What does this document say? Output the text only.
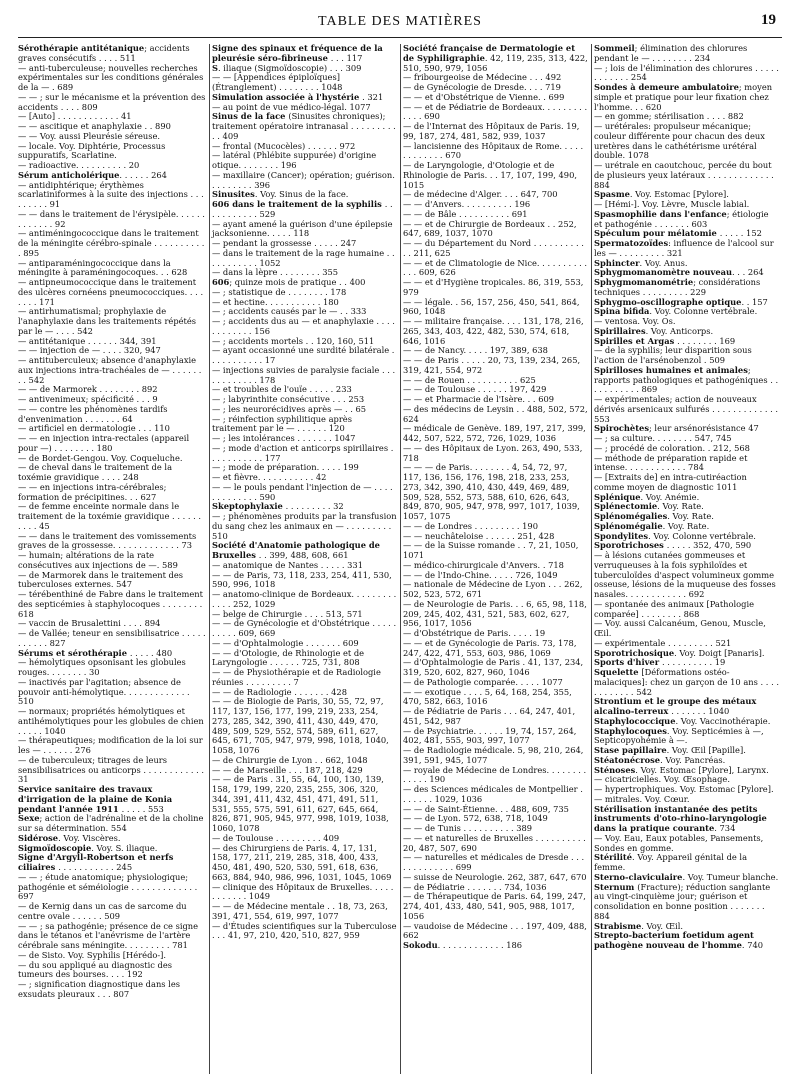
TABLE DES MATIÈRES	19

Sérothérapie antitétanique; accidents graves consécutifs . . . . 511

— anti-tuberculeuse; nouvelles recherches expérimentales sur les conditions générales de la — . 689

— — ; sur le mécanisme et la prévention des accidents . . . . 809

— [Auto] . . . . . . . . . . . . 41

— — ascitique et anaphylaxie . . 890

— — Voy. aussi Pleurésie séreuse.

— locale. Voy. Diphtérie, Processus suppuratifs, Scarlatine.

— radioactive. . . . . . . . . . 20

Sérum anticholérique. . . . . . 264

— antidiphtérique; érythèmes scarlatiniformes à la suite des injections . . . . . . . . . 91

— — dans le traitement de l'érysipèle. . . . . . . . . . . . . 92

— antiméningococcique dans le traitement de la méningite cérébro-spinale . . . . . . . . . . . 895

— antiparaméningococcique dans la méningite à paraméningocoques. . . 628

— antipneumococcique dans le traitement des ulcères cornéens pneumococciques. . . . . . . . 171

— antirhumatismal; prophylaxie de l'anaphylaxie dans les traitements répétés par le — . . . . 542

— antitétanique . . . . . . 344, 391

— — injection de — . . . . 320, 947

— antituberculeux; absence d'anaphylaxie aux injections intra-trachéales de — . . . . . . . . 542

— — de Marmorek . . . . . . . . 892

— antivenimeux; spécificité . . . 9

— — contre les phénomènes tardifs d'envenimation . . . . . . . 64

— artificiel en dermatologie . . . 110

— — en injection intra-rectales (appareil pour —) . . . . . . . . 180

— de Bordet-Gengou. Voy. Coqueluche.

— de cheval dans le traitement de la toxémie gravidique . . . . 248

— — en injections intra-cérébrales; formation de précipitines. . . 627

— de femme enceinte normale dans le traitement de la toxémie gravidique . . . . . . . . . . 45

— — dans le traitement des vomissements graves de la grossesse. . . . . . . . . . . . . 73

— humain; altérations de la rate consécutives aux injections de —. 589

— de Marmorek dans le traitement des tuberculoses externes. 547

— térébenthiné de Fabre dans le traitement des septicémies à staphylocoques . . . . . . . . 618

— vaccin de Brusalettini . . . . 894

— de Vallée; teneur en sensibilisatrice . . . . . . . . . . . 827

Sérums et sérothérapie . . . . . 480

— hémolytiques opsonisant les globules rouges. . . . . . . . 30

— inactivés par l'agitation; absence de pouvoir anti-hémolytique. . . . . . . . . . . . . 510

— normaux; propriétés hémolytiques et antihémolytiques pour les globules de chien . . . . . 1040

— thérapeutiques; modification de la loi sur les — . . . . . . 276

— de tuberculeux; titrages de leurs sensibilisatrices ou anticorps . . . . . . . . . . . . 31

Service sanitaire des travaux d'irrigation de la plaine de Konia pendant l'année 1911 . . . . . 553

Sexe; action de l'adrénaline et de la choline sur sa détermination. 554

Sidérose. Voy. Viscères.

Sigmoïdoscopie. Voy. S. iliaque.

Signe d'Argyll-Robertson et nerfs ciliaires . . . . . . . . . . . 245

— — ; étude anatomique; physiologique; pathogénie et séméiologie . . . . . . . . . . . . . 697

— de Kernig dans un cas de sarcome du centre ovale . . . . . . 509

— — ; sa pathogénie; présence de ce signe dans le tétanos et l'anévrisme de l'artère cérébrale sans méningite. . . . . . . . . 781

— de Sisto. Voy. Syphilis [Hérédo-].

— du sou appliqué au diagnostic des tumeurs des bourses. . . . 192

— ; signification diagnostique dans les exsudats pleuraux . . . 807

Signe des spinaux et fréquence de la pleurésie séro-fibrineuse . . . 117

S. iliaque (Sigmoïdoscopie) . . . 309

— — [Appendices épiploïques] (Étranglement) . . . . . . . . 1048

Simulation associée à l'hystérie . 321

— au point de vue médico-légal. 1077

Sinus de la face (Sinusites chroniques); traitement opératoire intranasal . . . . . . . . . . . 409

— frontal (Mucocèles) . . . . . . 972

— latéral (Phlébite suppurée) d'origine otique. . . . . . . . 196

— maxillaire (Cancer); opération; guérison. . . . . . . . . 396

Sinusites. Voy. Sinus de la face.

606 dans le traitement de la syphilis . . . . . . . . . . . 529

— ayant amené la guérison d'une épilepsie jacksonienne. . . . . 118

— pendant la grossesse . . . . . 247

— dans le traitement de la rage humaine . . . . . . . . . . . 1052

— dans la lèpre . . . . . . . . 355

606; quinze mois de pratique . . 400

— ; statistique de . . . . . . . . 178

— et hectine. . . . . . . . . . . 180

— ; accidents causés par le — . . 333

— ; accidents dus au — et anaphylaxie . . . . . . . . . . . . 156

— ; accidents mortels . . 120, 160, 511

— ayant occasionné une surdité bilatérale . . . . . . . . . . . 17

— injections suivies de paralysie faciale . . . . . . . . . . . . 178

— et troubles de l'ouïe . . . . . 233

— ; labyrinthite consécutive . . . 253

— ; les neurorécidives après — . . 65

— ; réinfection syphilitique après traitement par le — . . . . . . 120

— ; les intolérances . . . . . . . 1047

— ; mode d'action et anticorps spirillaires . . . . . . . . . . . 177

— ; mode de préparation. . . . . 199

— et fièvre. . . . . . . . . . . 42

— — le pouls pendant l'injection de — . . . . . . . . . . . . . 590

Skeptophylaxie . . . . . . . . . 32

— ; phénomènes produits par la transfusion du sang chez les animaux en — . . . . . . . . . 510

Société d'Anatomie pathologique de Bruxelles . . 399, 488, 608, 661

— anatomique de Nantes . . . . . 331

— — de Paris, 73, 118, 233, 254, 411, 530, 590, 996, 1018

— anatomo-clinique de Bordeaux. . . . . . . . . . . . . 252, 1029

— belge de Chirurgie . . . . 513, 571

— — de Gynécologie et d'Obstétrique . . . . . . . . . . 609, 669

— — d'Ophtalmologie . . . . . . . 609

— — d'Otologie, de Rhinologie et de Laryngologie . . . . . . 725, 731, 808

— — de Physiothérapie et de Radiologie réunies . . . . . . . . . 7

— — de Radiologie . . . . . . . 428

— — de Biologie de Paris, 30, 55, 72, 97, 117, 137, 156, 177, 199, 219, 233, 254, 273, 285, 342, 390, 411, 430, 449, 470, 489, 509, 529, 552, 574, 589, 611, 627, 645, 671, 705, 947, 979, 998, 1018, 1040, 1058, 1076

— de Chirurgie de Lyon . . 662, 1048

— — de Marseille . . . 187, 218, 429

— — de Paris . 31, 55, 64, 100, 130, 139, 158, 179, 199, 220, 235, 255, 306, 320, 344, 391, 411, 432, 451, 471, 491, 511, 531, 555, 575, 591, 611, 627, 645, 664, 826, 871, 905, 945, 977, 998, 1019, 1038, 1060, 1078

— de Toulouse . . . . . . . . . 409

— des Chirurgiens de Paris. 4, 17, 131, 158, 177, 211, 219, 285, 318, 400, 433, 450, 481, 490, 520, 530, 591, 618, 636, 663, 884, 940, 986, 996, 1031, 1045, 1069

— clinique des Hôpitaux de Bruxelles. . . . . . . . . . . . 1049

— — de Médecine mentale . . 18, 73, 263, 391, 471, 554, 619, 997, 1077

— d'Études scientifiques sur la Tuberculose . . . 41, 97, 210, 420, 510, 827, 959

Société française de Dermatologie et de Syphiligraphie. 42, 119, 235, 313, 422, 510, 590, 979, 1056

— fribourgeoise de Médecine . . . 492

— de Gynécologie de Dresde. . . . 719

— — et d'Obstétrique de Vienne. . 699

— — et de Pédiatrie de Bordeaux. . . . . . . . . . . . . 690

— de l'Internat des Hôpitaux de Paris. 19, 99, 187, 274, 481, 582, 939, 1037

— lancisienne des Hôpitaux de Rome. . . . . . . . . . . . . 670

— de Laryngologie, d'Otologie et de Rhinologie de Paris. . . 17, 107, 199, 490, 1015

— de médecine d'Alger. . . . 647, 700

— — d'Anvers. . . . . . . . . . 196

— — de Bâle . . . . . . . . . . 691

— — et de Chirurgie de Bordeaux . . 252, 647, 689, 1037, 1070

— — du Département du Nord . . . . . . . . . . . . 211, 625

— — et de Climatologie de Nice. . . . . . . . . . . . . 609, 626

— — et d'Hygiène tropicales. 86, 319, 553, 979

— — légale. . 56, 157, 256, 450, 541, 864, 960, 1048

— — militaire française. . . . 131, 178, 216, 265, 343, 403, 422, 482, 530, 574, 618, 646, 1016

— — de Nancy. . . . . 197, 389, 638

— — de Paris . . . . . 20, 73, 139, 234, 265, 319, 421, 554, 972

— — de Rouen . . . . . . . . . . 625

— — de Toulouse . . . . . . 197, 429

— — et Pharmacie de l'Isère. . . 609

— des médecins de Leysin . . 488, 502, 572, 624

— médicale de Genève. 189, 197, 217, 399, 442, 507, 522, 572, 726, 1029, 1036

— — des Hôpitaux de Lyon. 263, 490, 533, 718

— — — de Paris. . . . . . . . 4, 54, 72, 97, 117, 136, 156, 176, 198, 218, 233, 253, 273, 342, 390, 410, 430, 449, 469, 489, 509, 528, 552, 573, 588, 610, 626, 643, 849, 870, 905, 947, 978, 997, 1017, 1039, 1057, 1075

— — de Londres . . . . . . . . . 190

— — neuchâteloise . . . . . . 251, 428

— — de la Suisse romande . . 7, 21, 1050, 1071

— médico-chirurgicale d'Anvers. . 718

— — de l'Indo-Chine. . . . . 726, 1049

— nationale de Médecine de Lyon . . . 262, 502, 523, 572, 671

— de Neurologie de Paris. . . 6, 65, 98, 118, 209, 245, 402, 431, 521, 583, 602, 627, 956, 1017, 1056

— d'Obstétrique de Paris. . . . . 19

— — et de Gynécologie de Paris. 73, 178, 247, 422, 471, 553, 603, 986, 1069

— d'Ophtalmologie de Paris . 41, 137, 234, 319, 520, 602, 827, 960, 1046

— de Pathologie comparée. . . . . 1077

— — exotique . . . . 5, 64, 168, 254, 355, 470, 582, 663, 1016

— de Pédiatrie de Paris . . . 64, 247, 401, 451, 542, 987

— de Psychiatrie. . . . . . 19, 74, 157, 264, 402, 481, 555, 903, 997, 1077

— de Radiologie médicale. 5, 98, 210, 264, 391, 591, 945, 1077

— royale de Médecine de Londres. . . . . . . . . . . . . 190

— des Sciences médicales de Montpellier . . . . . . . 1029, 1036

— — de Saint-Étienne. . . 488, 609, 735

— — de Lyon. 572, 638, 718, 1049

— — de Tunis . . . . . . . . . . 389

— — et naturelles de Bruxelles . . . . . . . . . . 20, 487, 507, 690

— — naturelles et médicales de Dresde . . . . . . . . . . . . . 699

— suisse de Neurologie. 262, 387, 647, 670

— de Pédiatrie . . . . . . . 734, 1036

— de Thérapeutique de Paris. 64, 199, 247, 274, 401, 433, 480, 541, 905, 988, 1017, 1056

— vaudoise de Médecine . . . 197, 409, 488, 662

Sokodu. . . . . . . . . . . . . 186

Sommeil; élimination des chlorures pendant le — . . . . . . . . 234

— ; lois de l'élimination des chlorures . . . . . . . . . . . . 254

Sondes à demeure ambulatoire; moyen simple et pratique pour leur fixation chez l'homme. . . 620

— en gomme; stérilisation . . . . 882

— urétérales: propulseur mécanique; couleur différente pour chacun des deux uretères dans le cathétérisme urétéral double. 1078

— urétrale en caoutchouc, percée du bout de plusieurs yeux latéraux . . . . . . . . . . . . . 884

Spasme. Voy. Estomac [Pylore].

— [Hémi-]. Voy. Lèvre, Muscle labial.

Spasmophilie dans l'enfance; étiologie et pathogénie . . . . . . . 603

Spéculum pour mélatomie . . . . . 152

Spermatozoïdes: influence de l'alcool sur les — . . . . . . . . . 321

Sphincter. Voy. Anus.

Sphygmomanomètre nouveau. . . 264

Sphygmomanométrie; considérations techniques . . . . . . . . . 229

Sphygmo-oscillographe optique. . 157

Spina bifida. Voy. Colonne vertébrale.

— ventosa. Voy. Os.

Spirillaires. Voy. Anticorps.

Spirilles et Argas . . . . . . . . 169

— de la syphilis; leur disparition sous l'action de l'arsénobenzol . 509

Spirilloses humaines et animales; rapports pathologiques et pathogéniques . . . . . . . . . . . 869

— expérimentales; action de nouveaux dérivés arsenicaux sulfurés . . . . . . . . . . . . . 553

Spirochètes; leur arsénorésistance 47

— ; sa culture. . . . . . . . 547, 745

— ; procédé de coloration. . 212, 568

— méthode de préparation rapide et intense. . . . . . . . . . . . 784

— [Extraits de] en intra-cutiréaction comme moyen de diagnostic 1011

Splénique. Voy. Anémie.

Splénectomie. Voy. Rate.

Splénomégalies. Voy. Rate.

Splénomégalie. Voy. Rate.

Spondylites. Voy. Colonne vertébrale.

Sporotrichoses . . . . . 352, 470, 590

— à lésions cutanées gommeuses et verruqueuses à la fois syphiloïdes et tuberculoïdes d'aspect volumineux gomme osseuse, lésions de la muqueuse des fosses nasales. . . . . . . . . . . . 692

— spontanée des animaux [Pathologie comparée] . . . . . . . . 868

— Voy. aussi Calcanéum, Genou, Muscle, Œil.

— expérimentale . . . . . . . . . 521

Sporotrichosique. Voy. Doigt [Panaris].

Sports d'hiver . . . . . . . . . . 19

Squelette [Déformations ostéo-malaciques]: chez un garçon de 10 ans . . . . . . . . . . . . 542

Strontium et le groupe des métaux alcalino-terreux . . . . . . . 1040

Staphylococcique. Voy. Vaccinothérapie.

Staphylocoques. Voy. Septicémies à —, Septicopyohémie à —.

Stase papillaire. Voy. Œil [Papille].

Stéatonécrose. Voy. Pancréas.

Sténoses. Voy. Estomac [Pylore], Larynx.

— cicatricielles. Voy. Œsophage.

— hypertrophiques. Voy. Estomac [Pylore].

— mitrales. Voy. Cœur.

Stérilisation instantanée des petits instruments d'oto-rhino-laryngologie dans la pratique courante. 734

— Voy. Eau, Eaux potables, Pansements, Sondes en gomme.

Stérilité. Voy. Appareil génital de la femme.

Sterno-claviculaire. Voy. Tumeur blanche.

Sternum (Fracture); réduction sanglante au vingt-cinquième jour; guérison et consolidation en bonne position . . . . . . . 884

Strabisme. Voy. Œil.

Strepto-bacterium foetidum agent pathogène nouveau de l'homme. 740
